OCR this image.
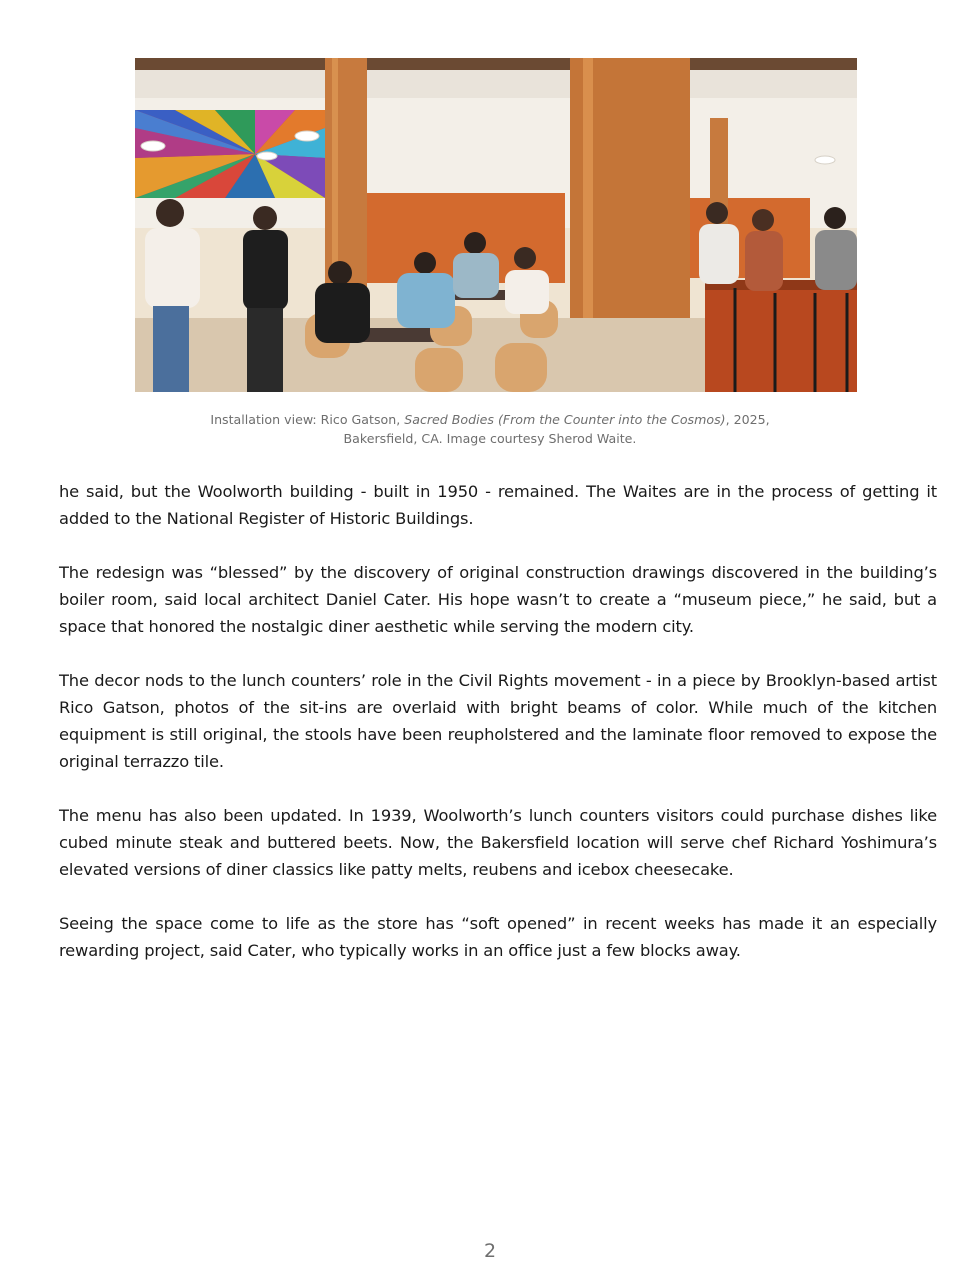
Installation view: Rico Gatson, Sacred Bodies (From the Counter into the Cosmos), 2025, Bakersfield, CA. Image courtesy Sherod Waite.

he said, but the Woolworth building - built in 1950 - remained. The Waites are in the process of getting it added to the National Register of Historic Buildings.

The redesign was “blessed” by the discovery of original construction drawings discovered in the building’s boiler room, said local architect Daniel Cater. His hope wasn’t to create a “museum piece,” he said, but a space that honored the nostalgic diner aesthetic while serving the modern city.

The decor nods to the lunch counters’ role in the Civil Rights movement - in a piece by Brooklyn-based artist Rico Gatson, photos of the sit-ins are overlaid with bright beams of color. While much of the kitchen equipment is still original, the stools have been reupholstered and the laminate floor removed to expose the original terrazzo tile.

The menu has also been updated. In 1939, Woolworth’s lunch counters visitors could purchase dishes like cubed minute steak and buttered beets. Now, the Bakersfield location will serve chef Richard Yoshimura’s elevated versions of diner classics like patty melts, reubens and icebox cheesecake.

Seeing the space come to life as the store has “soft opened” in recent weeks has made it an especially rewarding project, said Cater, who typically works in an office just a few blocks away.

2
